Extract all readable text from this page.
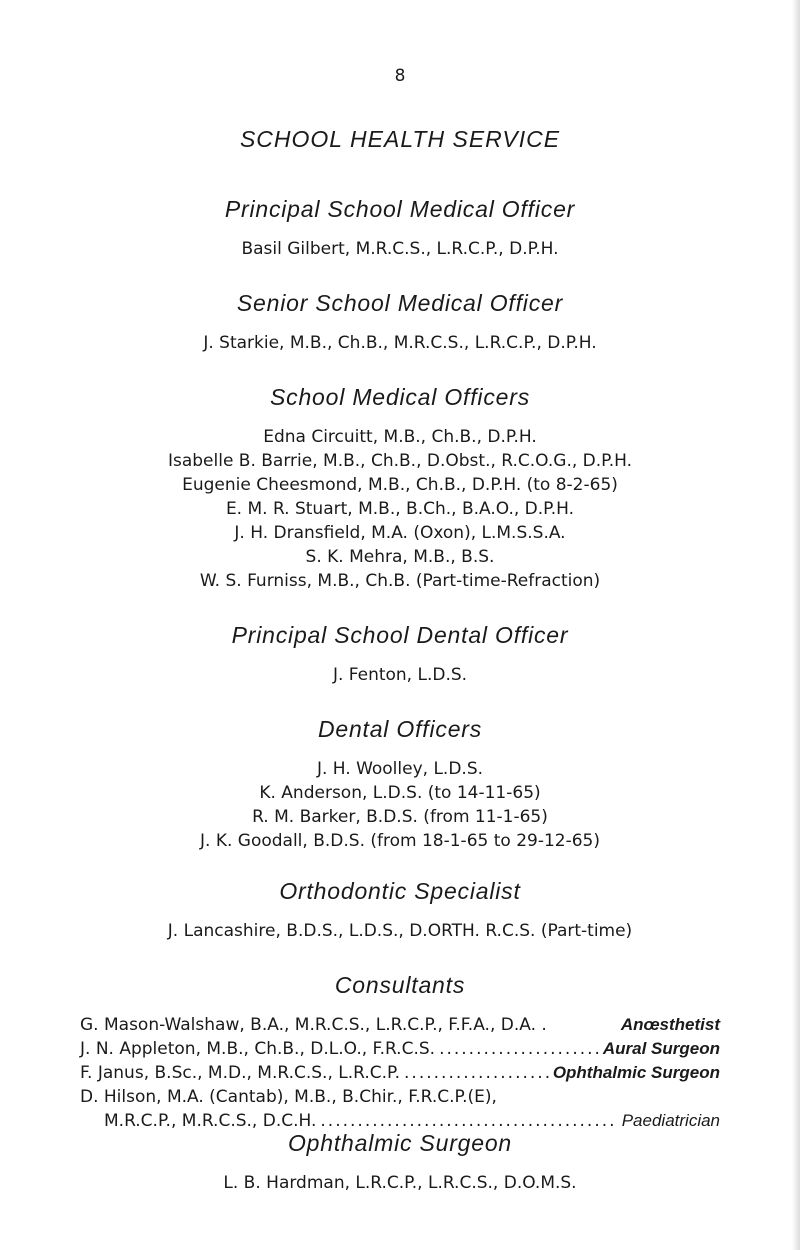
8
SCHOOL HEALTH SERVICE
Principal School Medical Officer
Basil Gilbert, M.R.C.S., L.R.C.P., D.P.H.
Senior School Medical Officer
J. Starkie, M.B., Ch.B., M.R.C.S., L.R.C.P., D.P.H.
School Medical Officers
Edna Circuitt, M.B., Ch.B., D.P.H.
Isabelle B. Barrie, M.B., Ch.B., D.Obst., R.C.O.G., D.P.H.
Eugenie Cheesmond, M.B., Ch.B., D.P.H. (to 8-2-65)
E. M. R. Stuart, M.B., B.Ch., B.A.O., D.P.H.
J. H. Dransfield, M.A. (Oxon), L.M.S.S.A.
S. K. Mehra, M.B., B.S.
W. S. Furniss, M.B., Ch.B. (Part-time-Refraction)
Principal School Dental Officer
J. Fenton, L.D.S.
Dental Officers
J. H. Woolley, L.D.S.
K. Anderson, L.D.S. (to 14-11-65)
R. M. Barker, B.D.S. (from 11-1-65)
J. K. Goodall, B.D.S. (from 18-1-65 to 29-12-65)
Orthodontic Specialist
J. Lancashire, B.D.S., L.D.S., D.ORTH. R.C.S. (Part-time)
Consultants
G. Mason-Walshaw, B.A., M.R.C.S., L.R.C.P., F.F.A., D.A. .	Anœsthetist
J. N. Appleton, M.B., Ch.B., D.L.O., F.R.C.S. .....	Aural Surgeon
F. Janus, B.Sc., M.D., M.R.C.S., L.R.C.P. .....	Ophthalmic Surgeon
D. Hilson, M.A. (Cantab), M.B., B.Chir., F.R.C.P.(E),
M.R.C.P., M.R.C.S., D.C.H. .....	Paediatrician
Ophthalmic Surgeon
L. B. Hardman, L.R.C.P., L.R.C.S., D.O.M.S.
